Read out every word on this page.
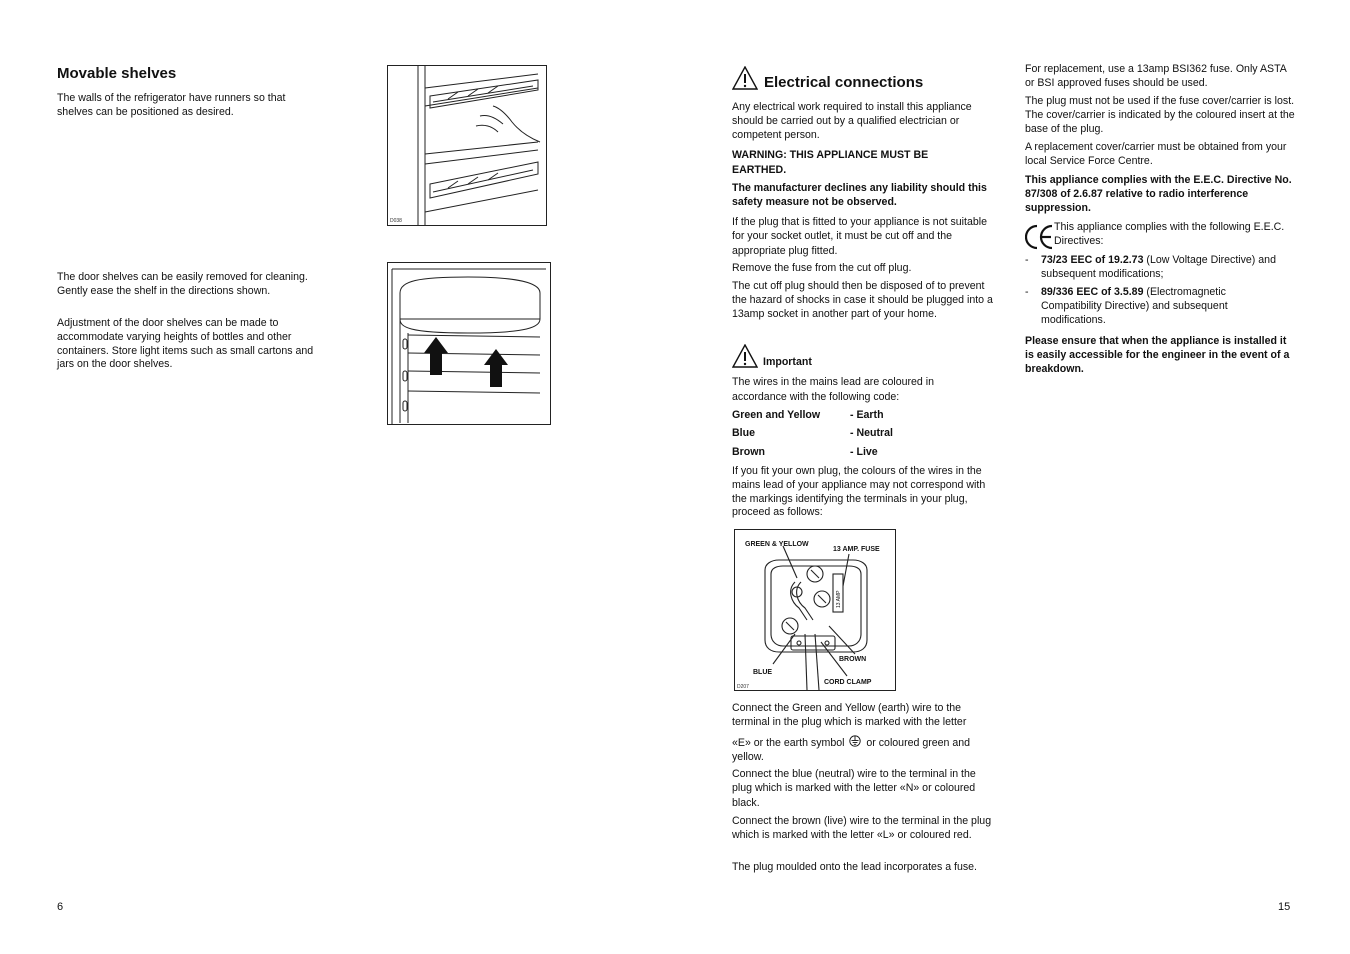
Movable shelves

The walls of the refrigerator have runners so that shelves can be positioned as desired.

D038

The door shelves can be easily removed for cleaning. Gently ease the shelf in the directions shown.

Adjustment of the door shelves can be made to accommodate varying heights of bottles and other containers. Store light items such as small cartons and jars on the door shelves.

6
Electrical connections

Any electrical work required to install this appliance should be carried out by a qualified electrician or competent person.

WARNING: THIS APPLIANCE MUST BE EARTHED.

The manufacturer declines any liability should this safety measure not be observed.

If the plug that is fitted to your appliance is not suitable for your socket outlet, it must be cut off and the appropriate plug fitted.

Remove the fuse from the cut off plug.

The cut off plug should then be disposed of to prevent the hazard of shocks in case it should be plugged into a 13amp socket in another part of your home.

Important

The wires in the mains lead are coloured in accordance with the following code:

Green and Yellow	- Earth
Blue	- Neutral
Brown	- Live

If you fit your own plug, the colours of the wires in the mains lead of your appliance may not correspond with the markings identifying the terminals in your plug, proceed as follows:

GREEN & YELLOW
13 AMP. FUSE
BROWN
BLUE
CORD CLAMP
13 AMP
D207

Connect the Green and Yellow (earth) wire to the terminal in the plug which is marked with the letter

«E» or the earth symbol or coloured green and yellow.

Connect the blue (neutral) wire to the terminal in the plug which is marked with the letter «N» or coloured black.

Connect the brown (live) wire to the terminal in the plug which is marked with the letter «L» or coloured red.

The plug moulded onto the lead incorporates a fuse.

For replacement, use a 13amp BSI362 fuse. Only ASTA or BSI approved fuses should be used.

The plug must not be used if the fuse cover/carrier is lost. The cover/carrier is indicated by the coloured insert at the base of the plug.

A replacement cover/carrier must be obtained from your local Service Force Centre.

This appliance complies with the E.E.C. Directive No. 87/308 of 2.6.87 relative to radio interference suppression.

This appliance complies with the following E.E.C. Directives:

- 73/23 EEC of 19.2.73 (Low Voltage Directive) and subsequent modifications;

- 89/336 EEC of 3.5.89 (Electromagnetic Compatibility Directive) and subsequent modifications.

Please ensure that when the appliance is installed it is easily accessible for the engineer in the event of a breakdown.

15
